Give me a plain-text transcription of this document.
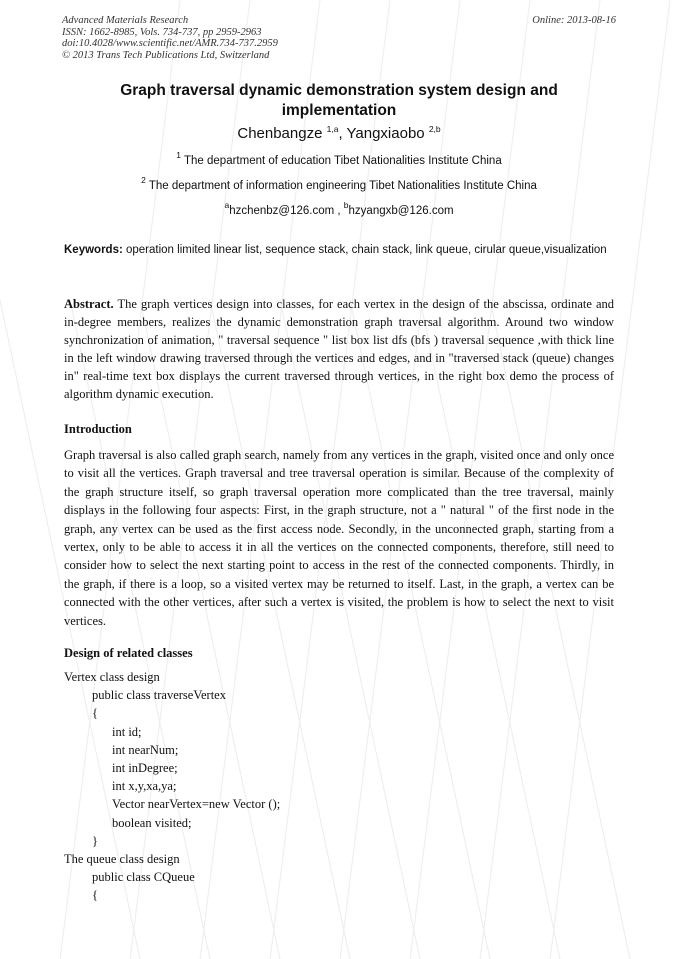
Advanced Materials Research
ISSN: 1662-8985, Vols. 734-737, pp 2959-2963
doi:10.4028/www.scientific.net/AMR.734-737.2959
© 2013 Trans Tech Publications Ltd, Switzerland
Online: 2013-08-16
Graph traversal dynamic demonstration system design and
implementation
Chenbangze $^{1,a}$, Yangxiaobo $^{2,b}$
$^1$ The department of education Tibet Nationalities Institute China
$^2$ The department of information engineering Tibet Nationalities Institute China
$^a$hzchenbz@126.com , $^b$hzyangxb@126.com
Keywords: operation limited linear list, sequence stack, chain stack, link queue, cirular queue,visualization
Abstract. The graph vertices design into classes, for each vertex in the design of the abscissa, ordinate and in-degree members, realizes the dynamic demonstration graph traversal algorithm. Around two window synchronization of animation, " traversal sequence " list box list dfs (bfs ) traversal sequence ,with thick line in the left window drawing traversed through the vertices and edges, and in "traversed stack (queue) changes in" real-time text box displays the current traversed through vertices, in the right box demo the process of algorithm dynamic execution.
Introduction
Graph traversal is also called graph search, namely from any vertices in the graph, visited once and only once to visit all the vertices. Graph traversal and tree traversal operation is similar. Because of the complexity of the graph structure itself, so graph traversal operation more complicated than the tree traversal, mainly displays in the following four aspects: First, in the graph structure, not a " natural " of the first node in the graph, any vertex can be used as the first access node. Secondly, in the unconnected graph, starting from a vertex, only to be able to access it in all the vertices on the connected components, therefore, still need to consider how to select the next starting point to access in the rest of the connected components. Thirdly, in the graph, if there is a loop, so a visited vertex may be returned to itself. Last, in the graph, a vertex can be connected with the other vertices, after such a vertex is visited, the problem is how to select the next to visit vertices.
Design of related classes
Vertex class design
public class traverseVertex
{
int id;
int nearNum;
int inDegree;
int x,y,xa,ya;
Vector nearVertex=new Vector ();
boolean visited;
}
The queue class design
public class CQueue
{
